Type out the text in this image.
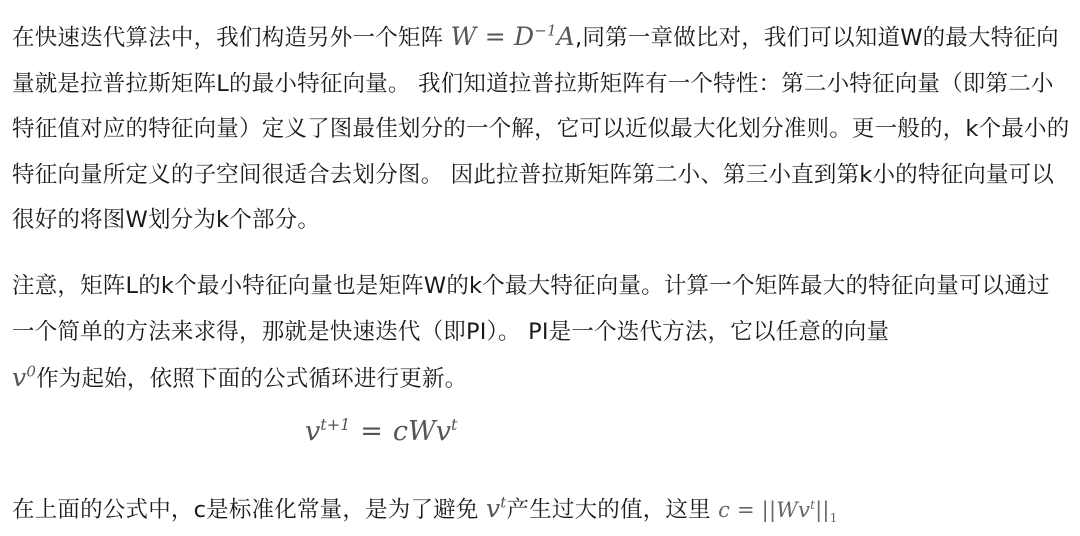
在快速迭代算法中，我们构造另外一个矩阵 $W = D^{-1}A$,同第一章做比对，我们可以知道W的最大特征向量就是拉普拉斯矩阵L的最小特征向量。 我们知道拉普拉斯矩阵有一个特性：第二小特征向量（即第二小特征值对应的特征向量）定义了图最佳划分的一个解，它可以近似最大化划分准则。更一般的，k个最小的特征向量所定义的子空间很适合去划分图。 因此拉普拉斯矩阵第二小、第三小直到第k小的特征向量可以很好的将图W划分为k个部分。
注意，矩阵L的k个最小特征向量也是矩阵W的k个最大特征向量。计算一个矩阵最大的特征向量可以通过一个简单的方法来求得，那就是快速迭代（即PI）。 PI是一个迭代方法，它以任意的向量
$v^0$作为起始，依照下面的公式循环进行更新。
$v^{t+1} = cWv^t$
在上面的公式中，c是标准化常量，是为了避免 $v^t$产生过大的值，这里 $c = ||Wv^t||_1$
